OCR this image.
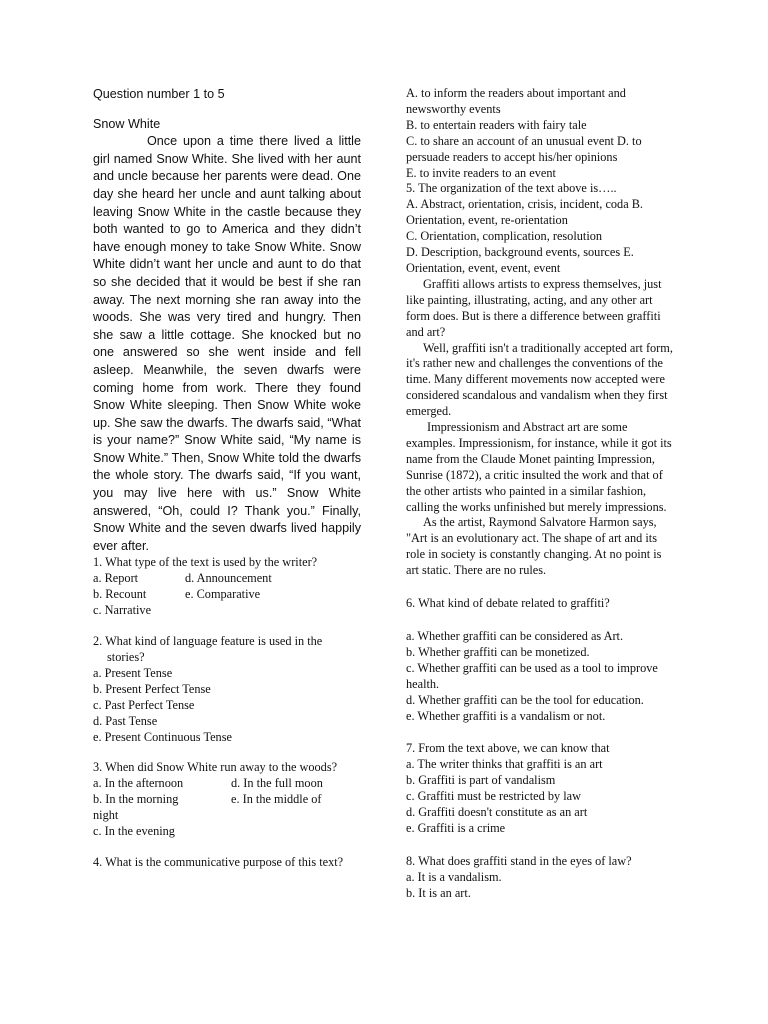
Question number 1 to 5

Snow White

Once upon a time there lived a little girl named Snow White. She lived with her aunt and uncle because her parents were dead. One day she heard her uncle and aunt talking about leaving Snow White in the castle because they both wanted to go to America and they didn’t have enough money to take Snow White. Snow White didn’t want her uncle and aunt to do that so she decided that it would be best if she ran away. The next morning she ran away into the woods. She was very tired and hungry. Then she saw a little cottage. She knocked but no one answered so she went inside and fell asleep. Meanwhile, the seven dwarfs were coming home from work. There they found Snow White sleeping. Then Snow White woke up. She saw the dwarfs. The dwarfs said, “What is your name?” Snow White said, “My name is Snow White.” Then, Snow White told the dwarfs the whole story. The dwarfs said, “If you want, you may live here with us.” Snow White answered, “Oh, could I? Thank you.” Finally, Snow White and the seven dwarfs lived happily ever after.

1. What type of the text is used by the writer?

a. Report	d. Announcement
b. Recount	e. Comparative
c. Narrative

2. What kind of language feature is used in the stories?

a. Present Tense

b. Present Perfect Tense

c. Past Perfect Tense

d. Past Tense

e. Present Continuous Tense

3. When did Snow White run away to the woods?

a. In the afternoon	d. In the full moon
b. In the morning	e. In the middle of

night

c. In the evening

4. What is the communicative purpose of this text?

A. to inform the readers about important and newsworthy events

B. to entertain readers with fairy tale

C. to share an account of an unusual event D. to persuade readers to accept his/her opinions

E. to invite readers to an event

5. The organization of the text above is…..

A. Abstract, orientation, crisis, incident, coda B. Orientation, event, re-orientation

C. Orientation, complication, resolution

D. Description, background events, sources E. Orientation, event, event, event

Graffiti allows artists to express themselves, just like painting, illustrating, acting, and any other art form does. But is there a difference between graffiti and art?

Well, graffiti isn't a traditionally accepted art form, it's rather new and challenges the conventions of the time. Many different movements now accepted were considered scandalous and vandalism when they first emerged.

Impressionism and Abstract art are some examples. Impressionism, for instance, while it got its name from the Claude Monet painting Impression, Sunrise (1872), a critic insulted the work and that of the other artists who painted in a similar fashion, calling the works unfinished but merely impressions.

As the artist, Raymond Salvatore Harmon says, "Art is an evolutionary act. The shape of art and its role in society is constantly changing. At no point is art static. There are no rules.

6. What kind of debate related to graffiti?

a. Whether graffiti can be considered as Art.

b. Whether graffiti can be monetized.

c. Whether graffiti can be used as a tool to improve health.

d. Whether graffiti can be the tool for education.

e. Whether graffiti is a vandalism or not.

7. From the text above, we can know that

a. The writer thinks that graffiti is an art

b. Graffiti is part of vandalism

c. Graffiti must be restricted by law

d. Graffiti doesn't constitute as an art

e. Graffiti is a crime

8. What does graffiti stand in the eyes of law?

a. It is a vandalism.

b. It is an art.
